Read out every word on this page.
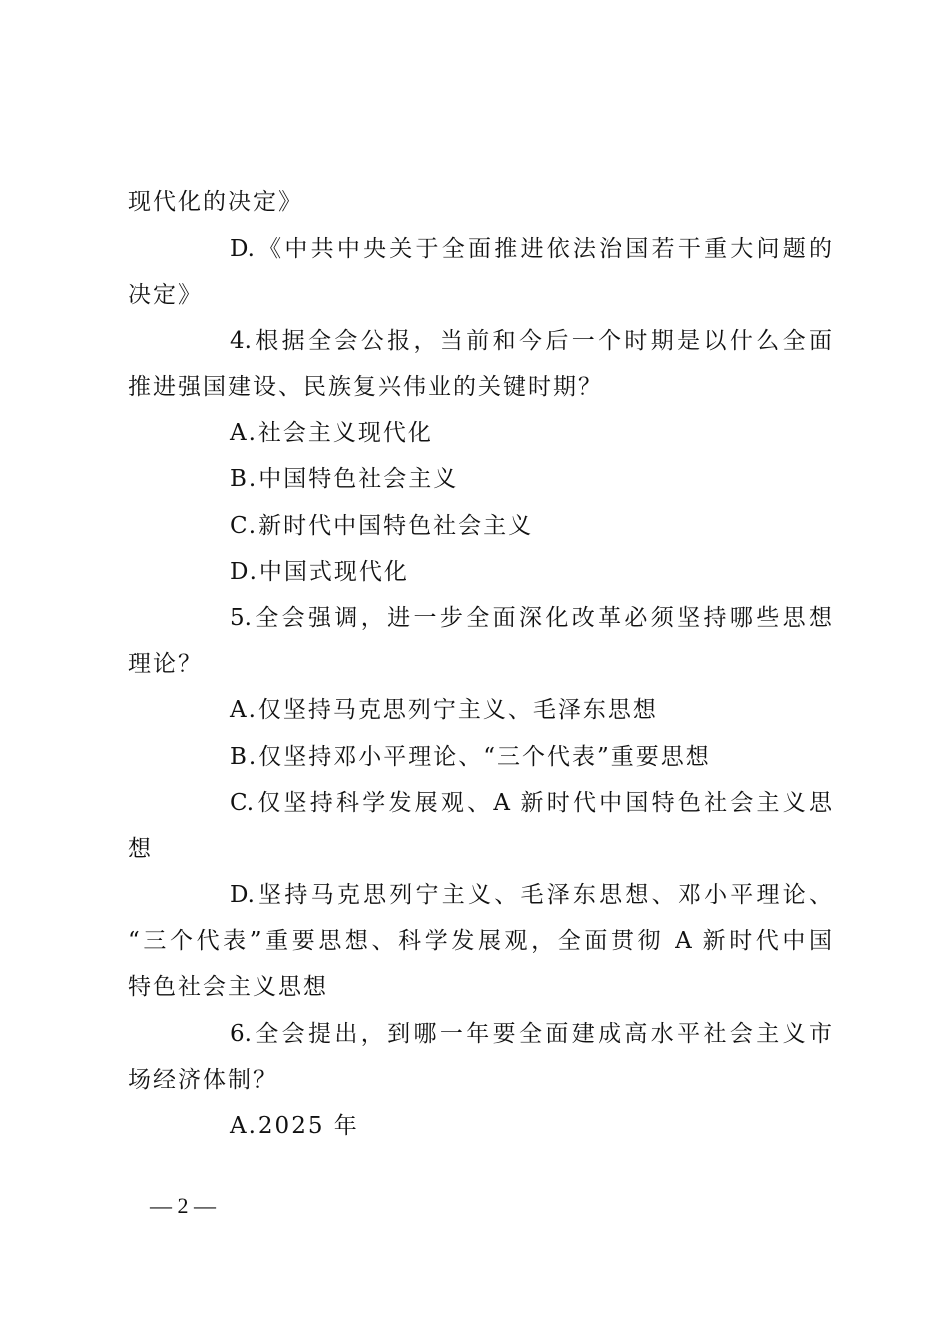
现代化的决定》
D.《中共中央关于全面推进依法治国若干重大问题的
决定》
4.根据全会公报，当前和今后一个时期是以什么全面
推进强国建设、民族复兴伟业的关键时期？
A.社会主义现代化
B.中国特色社会主义
C.新时代中国特色社会主义
D.中国式现代化
5.全会强调，进一步全面深化改革必须坚持哪些思想
理论？
A.仅坚持马克思列宁主义、毛泽东思想
B.仅坚持邓小平理论、“三个代表”重要思想
C.仅坚持科学发展观、A 新时代中国特色社会主义思
想
D.坚持马克思列宁主义、毛泽东思想、邓小平理论、
“三个代表”重要思想、科学发展观，全面贯彻 A 新时代中国
特色社会主义思想
6.全会提出，到哪一年要全面建成高水平社会主义市
场经济体制？
A.2025 年
— 2 —
